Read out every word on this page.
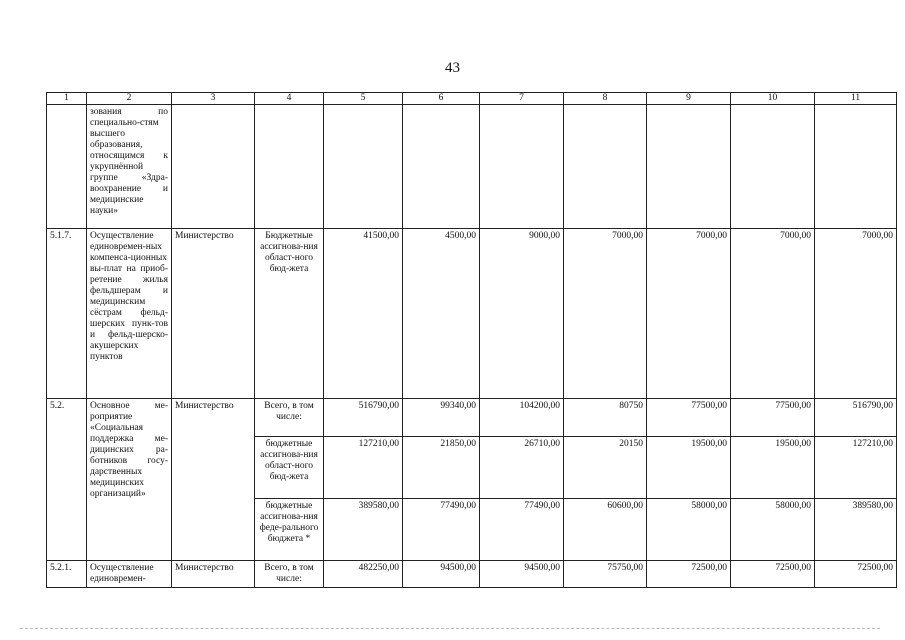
43
1	2	3	4	5	6	7	8	9	10	11
	зования по специально-стям высшего образования, относящимся к укрупнённой группе «Здра-воохранение и медицинские науки»									
5.1.7.	Осуществление единовремен-ных компенса-ционных вы-плат на приоб-ретение жилья фельдшерам и медицинским сёстрам фельд-шерских пунк-тов и фельд-шерско-акушерских пунктов	Министерство	Бюджетные ассигнова-ния област-ного бюд-жета	41500,00	4500,00	9000,00	7000,00	7000,00	7000,00	7000,00
5.2.	Основное ме-роприятие «Социальная поддержка ме-дицинских ра-ботников госу-дарственных медицинских организаций»	Министерство	Всего, в том числе:	516790,00	99340,00	104200,00	80750	77500,00	77500,00	516790,00
			бюджетные ассигнова-ния област-ного бюд-жета	127210,00	21850,00	26710,00	20150	19500,00	19500,00	127210,00
			бюджетные ассигнова-ния феде-рального бюджета *	389580,00	77490,00	77490,00	60600,00	58000,00	58000,00	389580,00
5.2.1.	Осуществление единовремен-	Министерство	Всего, в том числе:	482250,00	94500,00	94500,00	75750,00	72500,00	72500,00	72500,00
